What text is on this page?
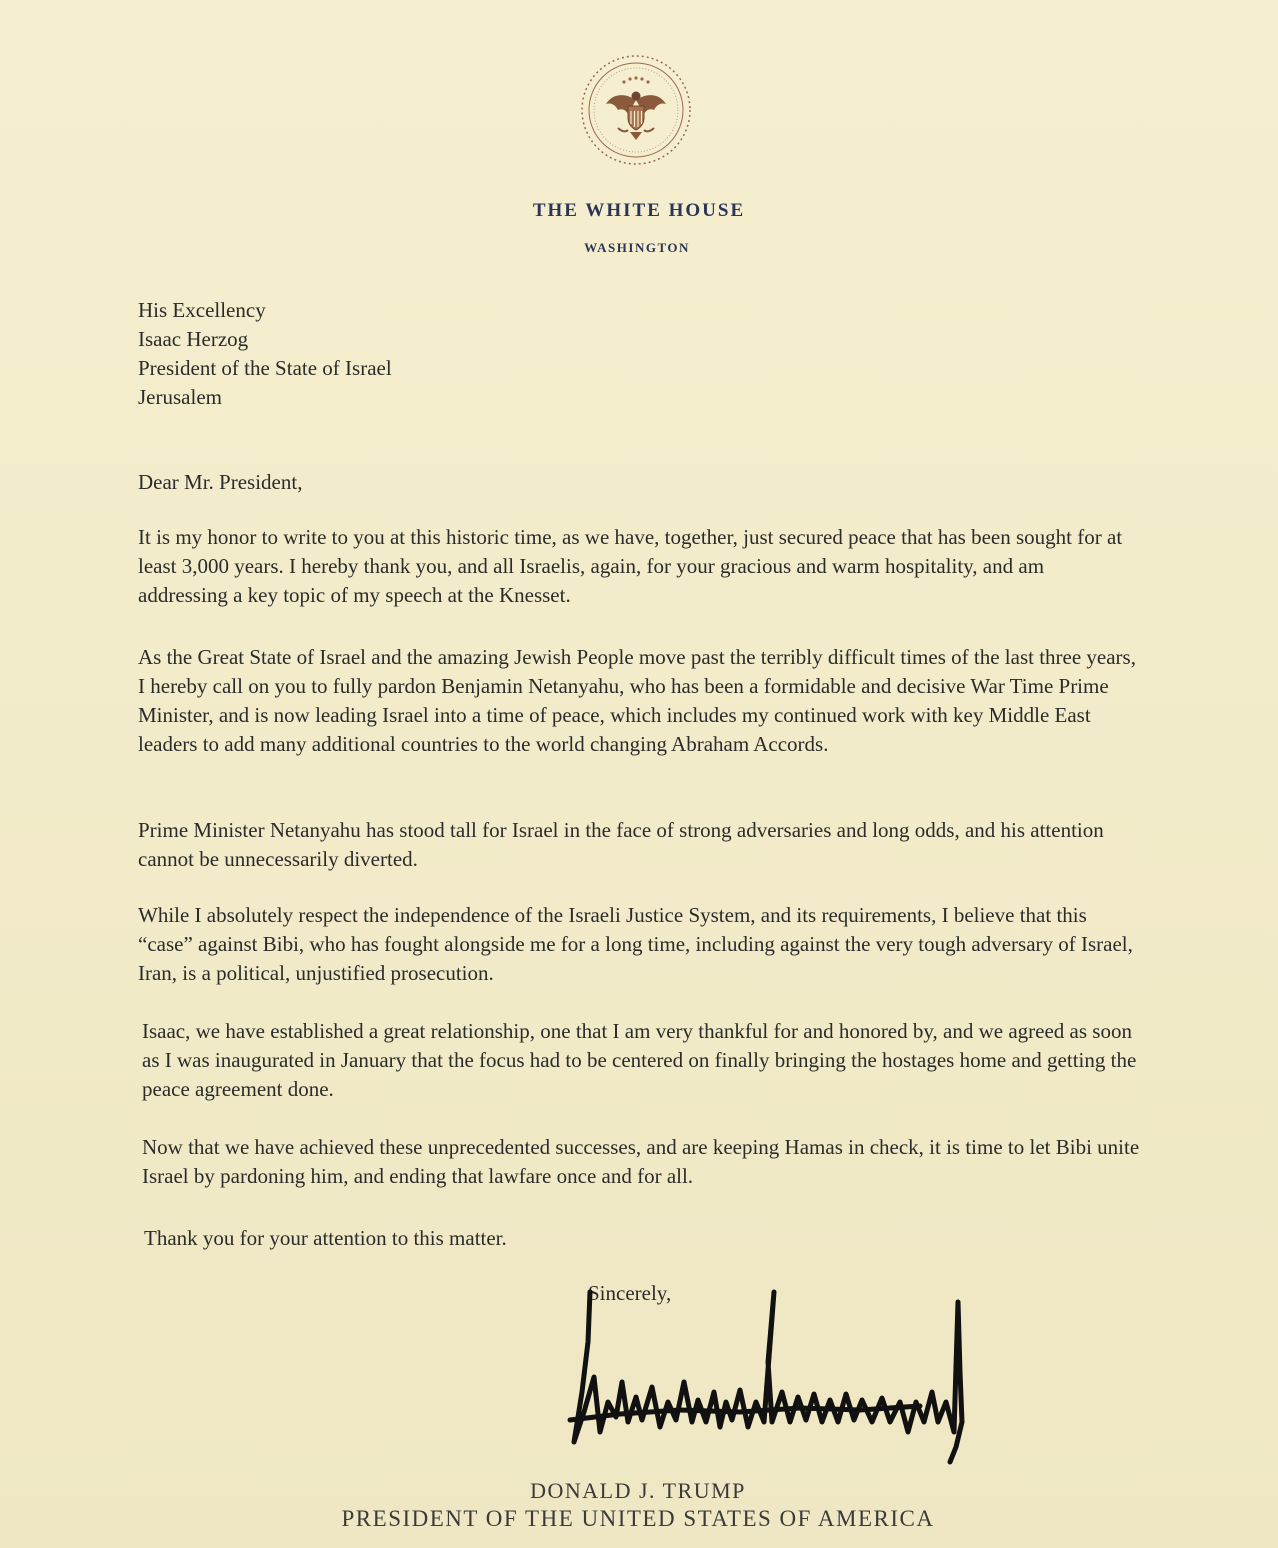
THE WHITE HOUSE
WASHINGTON
His Excellency
Isaac Herzog
President of the State of Israel
Jerusalem
Dear Mr. President,

It is my honor to write to you at this historic time, as we have, together, just secured peace that has been sought for at least 3,000 years. I hereby thank you, and all Israelis, again, for your gracious and warm hospitality, and am addressing a key topic of my speech at the Knesset.

As the Great State of Israel and the amazing Jewish People move past the terribly difficult times of the last three years, I hereby call on you to fully pardon Benjamin Netanyahu, who has been a formidable and decisive War Time Prime Minister, and is now leading Israel into a time of peace, which includes my continued work with key Middle East leaders to add many additional countries to the world changing Abraham Accords.

Prime Minister Netanyahu has stood tall for Israel in the face of strong adversaries and long odds, and his attention cannot be unnecessarily diverted.

While I absolutely respect the independence of the Israeli Justice System, and its requirements, I believe that this “case” against Bibi, who has fought alongside me for a long time, including against the very tough adversary of Israel, Iran, is a political, unjustified prosecution.

Isaac, we have established a great relationship, one that I am very thankful for and honored by, and we agreed as soon as I was inaugurated in January that the focus had to be centered on finally bringing the hostages home and getting the peace agreement done.

Now that we have achieved these unprecedented successes, and are keeping Hamas in check, it is time to let Bibi unite Israel by pardoning him, and ending that lawfare once and for all.

Thank you for your attention to this matter.

Sincerely,
DONALD J. TRUMP
PRESIDENT OF THE UNITED STATES OF AMERICA
